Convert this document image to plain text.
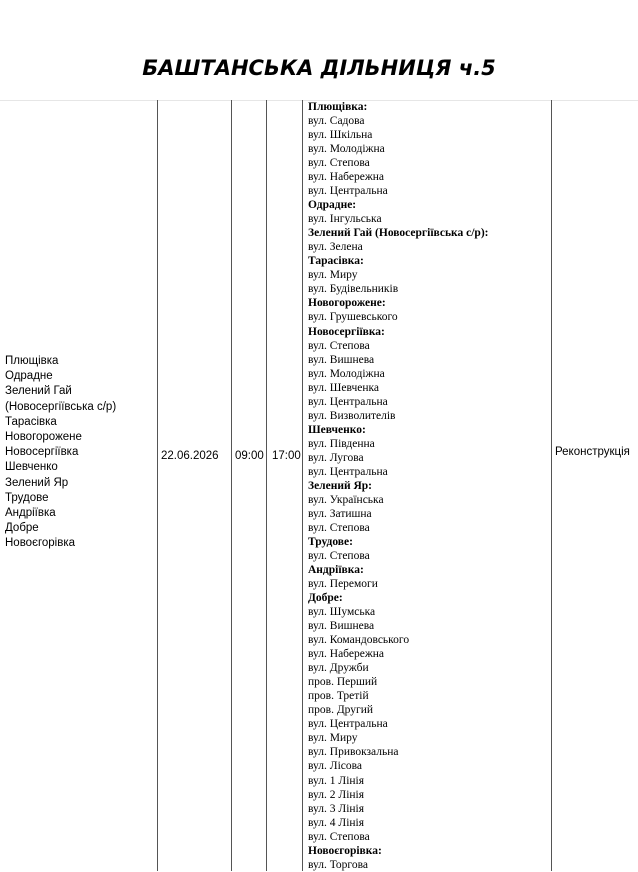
БАШТАНСЬКА ДІЛЬНИЦЯ ч.5
Плющівка
Одрадне
Зелений Гай
(Новосергіївська с/р)
Тарасівка
Новогорожене
Новосергіївка
Шевченко
Зелений Яр
Трудове
Андріївка
Добре
Новоєгорівка
22.06.2026 09:00 17:00
Плющівка:
вул. Садова
вул. Шкільна
вул. Молодіжна
вул. Степова
вул. Набережна
вул. Центральна
Одрадне:
вул. Інгульська
Зелений Гай (Новосергіївська с/р):
вул. Зелена
Тарасівка:
вул. Миру
вул. Будівельників
Новогорожене:
вул. Грушевського
Новосергіївка:
вул. Степова
вул. Вишнева
вул. Молодіжна
вул. Шевченка
вул. Центральна
вул. Визволителів
Шевченко:
вул. Південна
вул. Лугова
вул. Центральна
Зелений Яр:
вул. Українська
вул. Затишна
вул. Степова
Трудове:
вул. Степова
Андріївка:
вул. Перемоги
Добре:
вул. Шумська
вул. Вишнева
вул. Командовського
вул. Набережна
вул. Дружби
пров. Перший
пров. Третій
пров. Другий
вул. Центральна
вул. Миру
вул. Привокзальна
вул. Лісова
вул. 1 Лінія
вул. 2 Лінія
вул. 3 Лінія
вул. 4 Лінія
вул. Степова
Новоєгорівка:
вул. Торгова
Реконструкція
